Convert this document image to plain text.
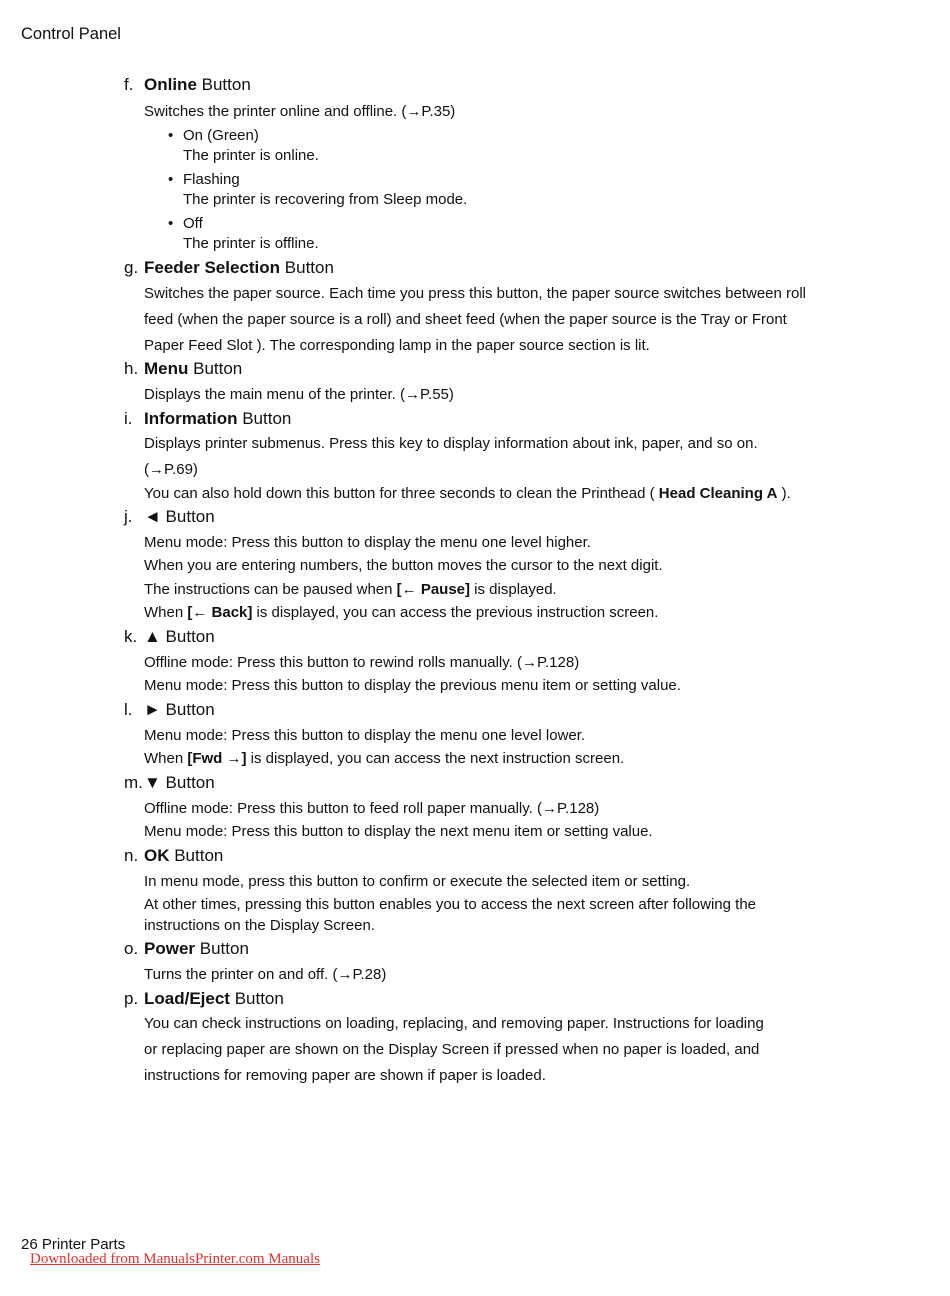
Control Panel
f. Online Button
Switches the printer online and offline. (→P.35)
• On (Green)
The printer is online.
• Flashing
The printer is recovering from Sleep mode.
• Off
The printer is offline.
g. Feeder Selection Button
Switches the paper source. Each time you press this button, the paper source switches between roll
feed (when the paper source is a roll) and sheet feed (when the paper source is the Tray or Front
Paper Feed Slot ). The corresponding lamp in the paper source section is lit.
h. Menu Button
Displays the main menu of the printer. (→P.55)
i. Information Button
Displays printer submenus. Press this key to display information about ink, paper, and so on.
(→P.69)
You can also hold down this button for three seconds to clean the Printhead ( Head Cleaning A ).
j. ◄ Button
Menu mode: Press this button to display the menu one level higher.
When you are entering numbers, the button moves the cursor to the next digit.
The instructions can be paused when [← Pause] is displayed.
When [← Back] is displayed, you can access the previous instruction screen.
k. ▲ Button
Offline mode: Press this button to rewind rolls manually. (→P.128)
Menu mode: Press this button to display the previous menu item or setting value.
l. ► Button
Menu mode: Press this button to display the menu one level lower.
When [Fwd →] is displayed, you can access the next instruction screen.
m.▼ Button
Offline mode: Press this button to feed roll paper manually. (→P.128)
Menu mode: Press this button to display the next menu item or setting value.
n. OK Button
In menu mode, press this button to confirm or execute the selected item or setting.
At other times, pressing this button enables you to access the next screen after following the
instructions on the Display Screen.
o. Power Button
Turns the printer on and off. (→P.28)
p. Load/Eject Button
You can check instructions on loading, replacing, and removing paper. Instructions for loading
or replacing paper are shown on the Display Screen if pressed when no paper is loaded, and
instructions for removing paper are shown if paper is loaded.
26 Printer Parts
Downloaded from ManualsPrinter.com Manuals
